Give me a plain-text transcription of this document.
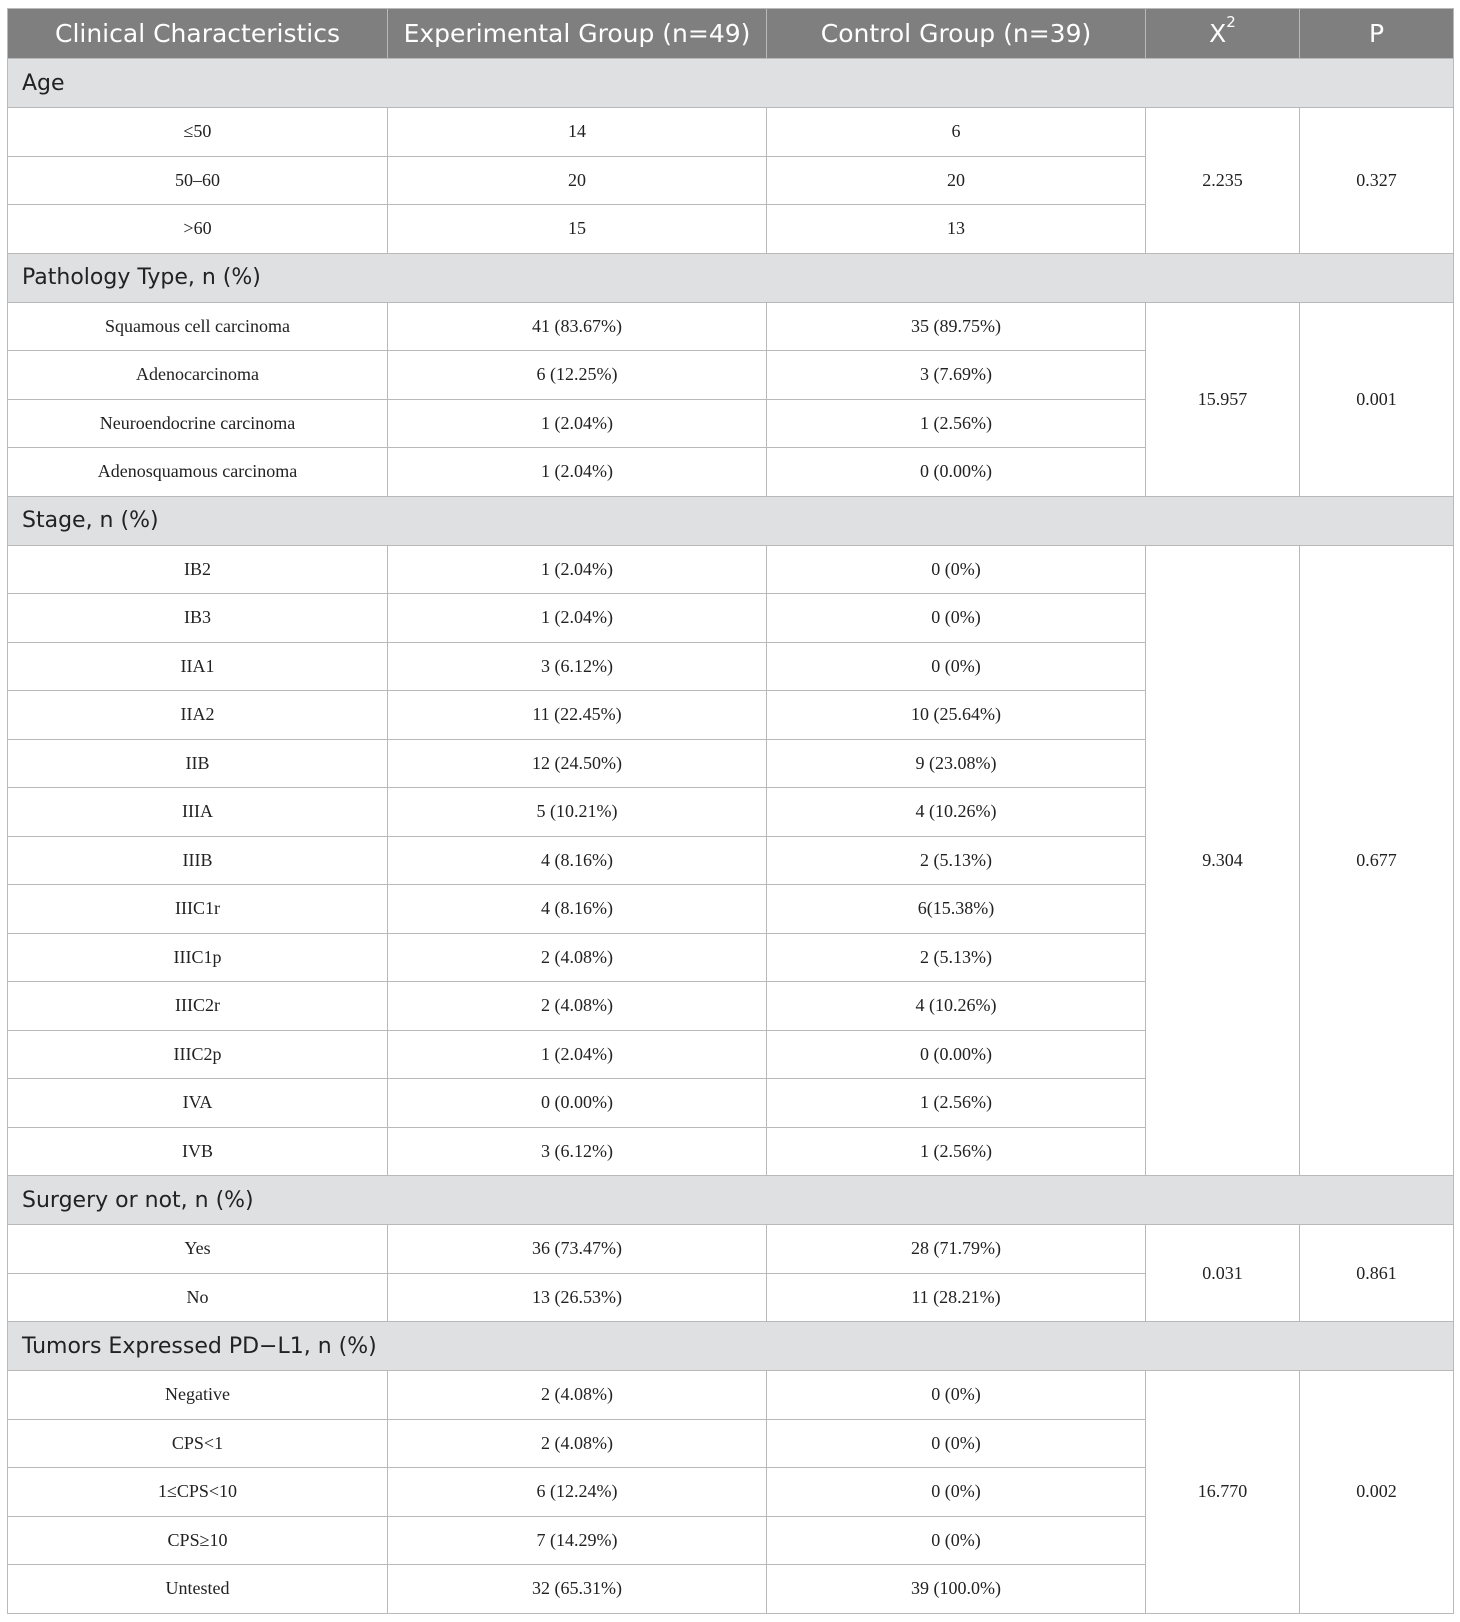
Clinical Characteristics	Experimental Group (n=49)	Control Group (n=39)	$X^2$	P
Age				
≤50	14	6	2.235	0.327
50–60	20	20		
>60	15	13		
Pathology Type, n (%)				
Squamous cell carcinoma	41 (83.67%)	35 (89.75%)	15.957	0.001
Adenocarcinoma	6 (12.25%)	3 (7.69%)		
Neuroendocrine carcinoma	1 (2.04%)	1 (2.56%)		
Adenosquamous carcinoma	1 (2.04%)	0 (0.00%)		
Stage, n (%)				
IB2	1 (2.04%)	0 (0%)	9.304	0.677
IB3	1 (2.04%)	0 (0%)		
IIA1	3 (6.12%)	0 (0%)		
IIA2	11 (22.45%)	10 (25.64%)		
IIB	12 (24.50%)	9 (23.08%)		
IIIA	5 (10.21%)	4 (10.26%)		
IIIB	4 (8.16%)	2 (5.13%)		
IIIC1r	4 (8.16%)	6(15.38%)		
IIIC1p	2 (4.08%)	2 (5.13%)		
IIIC2r	2 (4.08%)	4 (10.26%)		
IIIC2p	1 (2.04%)	0 (0.00%)		
IVA	0 (0.00%)	1 (2.56%)		
IVB	3 (6.12%)	1 (2.56%)		
Surgery or not, n (%)				
Yes	36 (73.47%)	28 (71.79%)	0.031	0.861
No	13 (26.53%)	11 (28.21%)		
Tumors Expressed PD−L1, n (%)				
Negative	2 (4.08%)	0 (0%)	16.770	0.002
CPS<1	2 (4.08%)	0 (0%)		
1≤CPS<10	6 (12.24%)	0 (0%)		
CPS≥10	7 (14.29%)	0 (0%)		
Untested	32 (65.31%)	39 (100.0%)		
